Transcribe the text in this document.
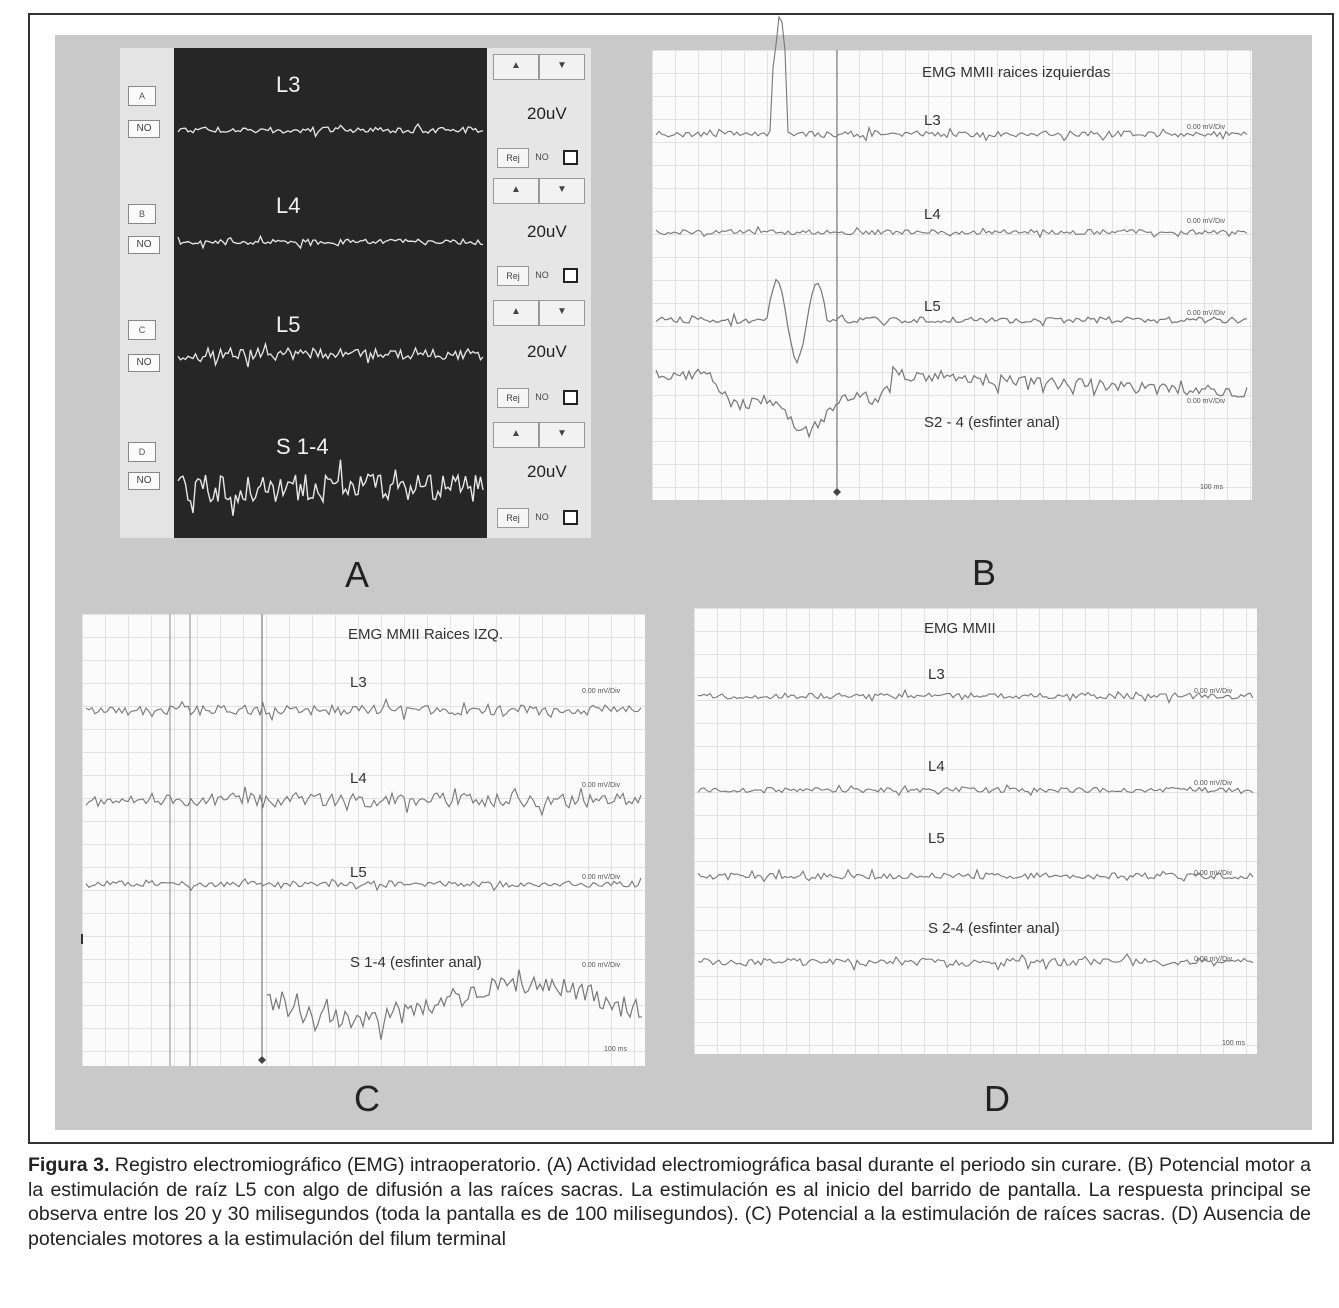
A
NO
B
NO
C
NO
D
NO
L3
L4
L5
S 1-4
▲	▼
20uV
Rej	NO
▲	▼
20uV
Rej	NO
▲	▼
20uV
Rej	NO
▲	▼
20uV
Rej	NO
A
EMG MMII raices izquierdas
L3
L4
L5
S2 - 4 (esfinter anal)
0.00 mV/Div
0.00 mV/Div
0.00 mV/Div
0.00 mV/Div
100 ms
B
EMG MMII Raices IZQ.
L3
L4
L5
S 1-4 (esfinter anal)
0.00 mV/Div
0.00 mV/Div
0.00 mV/Div
0.00 mV/Div
100 ms
C
EMG MMII
L3
L4
L5
S 2-4 (esfinter anal)
0.00 mV/Div
0.00 mV/Div
0.00 mV/Div
0.00 mV/Div
100 ms
D
Figura 3. Registro electromiográfico (EMG) intraoperatorio. (A) Actividad electromiográfica basal durante el periodo sin curare. (B) Potencial motor a la estimulación de raíz L5 con algo de difusión a las raíces sacras. La estimulación es al inicio del barrido de pantalla. La respuesta principal se observa entre los 20 y 30 milisegundos (toda la pantalla es de 100 milisegundos). (C) Potencial a la estimulación de raíces sacras. (D) Ausencia de potenciales motores a la estimulación del filum terminal
